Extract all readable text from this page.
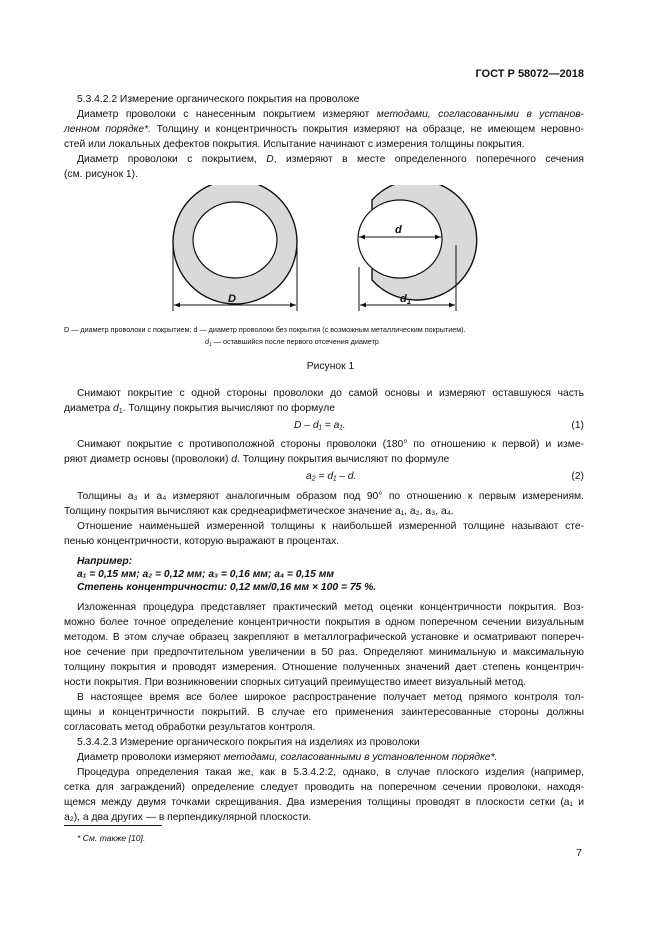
ГОСТ Р 58072—2018
5.3.4.2.2 Измерение органического покрытия на проволоке
Диаметр проволоки с нанесенным покрытием измеряют методами, согласованными в установ-
ленном порядке*. Толщину и концентричность покрытия измеряют на образце, не имеющем неровно-
стей или локальных дефектов покрытия. Испытание начинают с измерения толщины покрытия.
Диаметр проволоки с покрытием, D, измеряют в месте определенного поперечного сечения
(см. рисунок 1).
D
d
$d_1$
D — диаметр проволоки с покрытием; d — диаметр проволоки без покрытия (с возможным металлическим покрытием).
$d_1$ — оставшийся после первого отсечения диаметр
Рисунок 1
Снимают покрытие с одной стороны проволоки до самой основы и измеряют оставшуюся часть
диаметра $d_1$. Толщину покрытия вычисляют по формуле
D – d₁ = a₁.	(1)
Снимают покрытие с противоположной стороны проволоки (180° по отношению к первой) и изме-
ряют диаметр основы (проволоки) d. Толщину покрытия вычисляют по формуле
a₂ = d₁ – d.	(2)
Толщины a₃ и a₄ измеряют аналогичным образом под 90° по отношению к первым измерениям.
Толщину покрытия вычисляют как среднеарифметическое значение a₁, a₂, a₃, a₄.
Отношение наименьшей измеренной толщины к наибольшей измеренной толщине называют сте-
пенью концентричности, которую выражают в процентах.
Например:
a₁ = 0,15 мм; a₂ = 0,12 мм; a₃ = 0,16 мм; a₄ = 0,15 мм
Степень концентричности: 0,12 мм/0,16 мм × 100 = 75 %.
Изложенная процедура представляет практический метод оценки концентричности покрытия. Воз-
можно более точное определение концентричности покрытия в одном поперечном сечении визуальным
методом. В этом случае образец закрепляют в металлографической установке и осматривают попереч-
ное сечение при предпочтительном увеличении в 50 раз. Определяют минимальную и максимальную
толщину покрытия и проводят измерения. Отношение полученных значений дает степень концентрич-
ности покрытия. При возникновении спорных ситуаций преимущество имеет визуальный метод.
В настоящее время все более широкое распространение получает метод прямого контроля тол-
щины и концентричности покрытий. В случае его применения заинтересованные стороны должны
согласовать метод обработки результатов контроля.
5.3.4.2.3 Измерение органического покрытия на изделиях из проволоки
Диаметр проволоки измеряют методами, согласованными в установленном порядке*.
Процедура определения такая же, как в 5.3.4.2.2, однако, в случае плоского изделия (например,
сетка для заграждений) определение следует проводить на поперечном сечении проволоки, находя-
щемся между двумя точками скрещивания. Два измерения толщины проводят в плоскости сетки (a₁ и
a₂), а два других — в перпендикулярной плоскости.
* См. также [10].
7
